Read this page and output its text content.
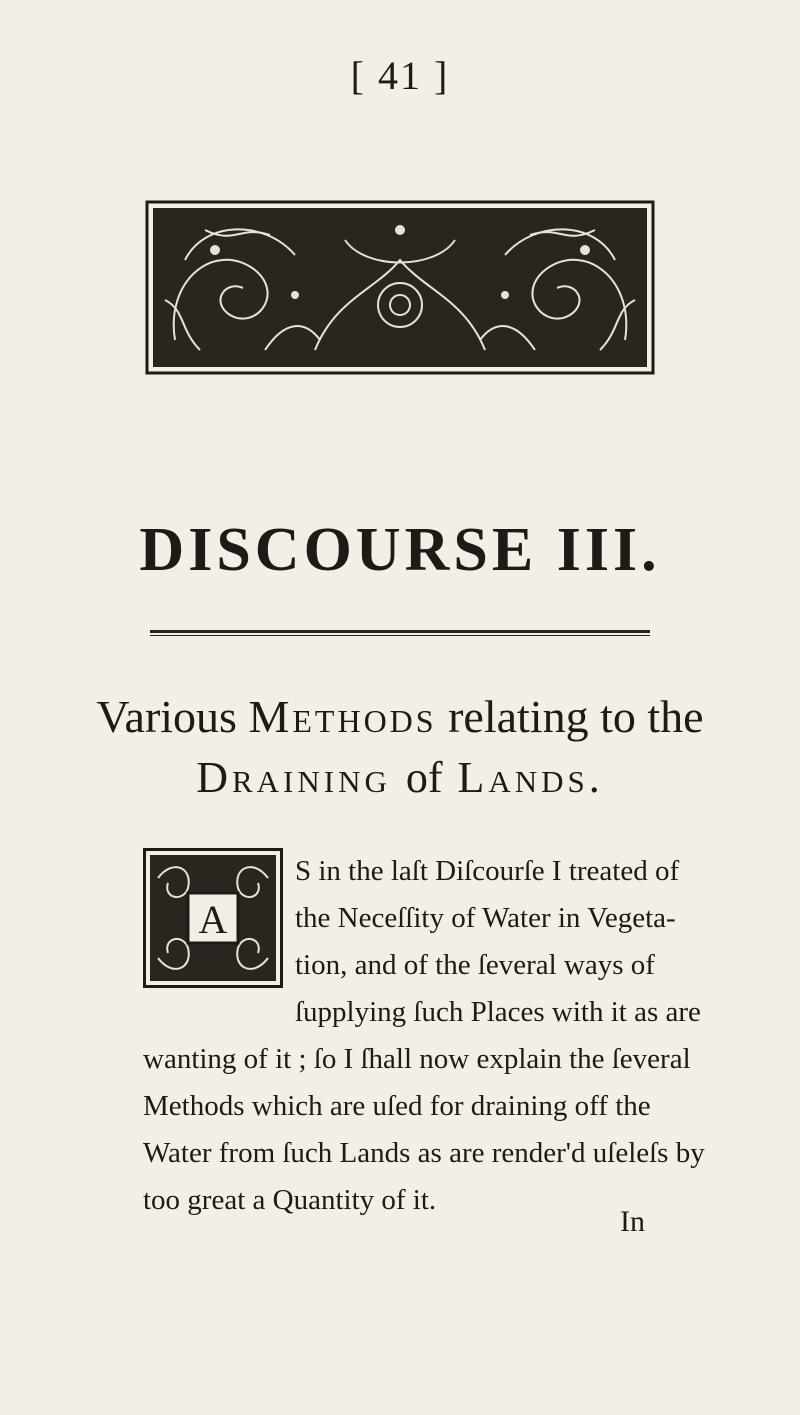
[ 41 ]
DISCOURSE III.
Various Methods relating to the
Draining of Lands.
A
S in the laſt Diſcourſe I treated of
the Neceſſity of Water in Vegeta-
tion, and of the ſeveral ways of
ſupplying ſuch Places with it as are
wanting of it ; ſo I ſhall now explain the ſeveral
Methods which are uſed for draining off the
Water from ſuch Lands as are render'd uſeleſs by
too great a Quantity of it.
In
